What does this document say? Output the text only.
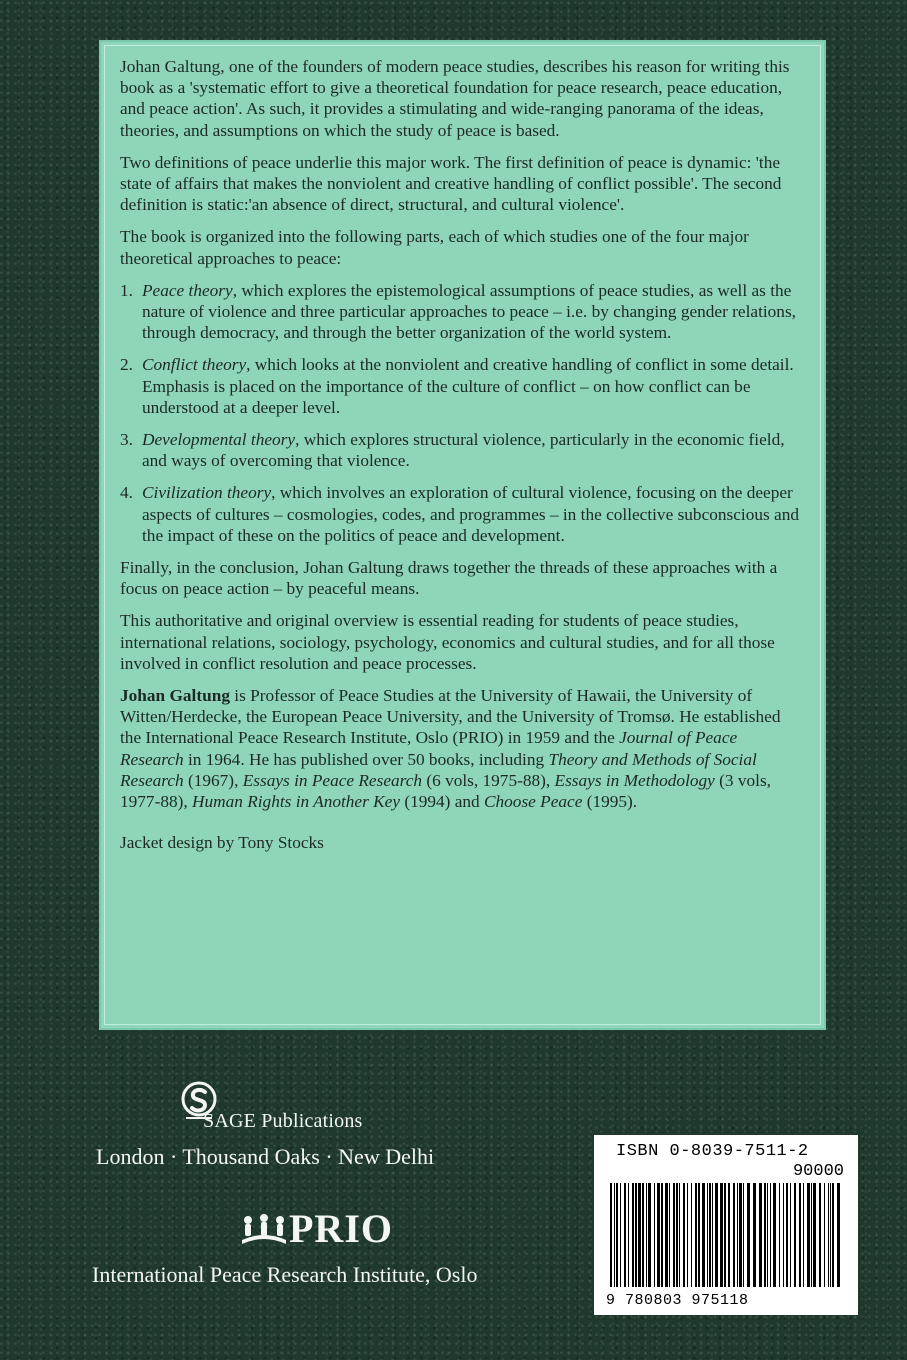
Johan Galtung, one of the founders of modern peace studies, describes his reason for writing this book as a 'systematic effort to give a theoretical foundation for peace research, peace education, and peace action'. As such, it provides a stimulating and wide-ranging panorama of the ideas, theories, and assumptions on which the study of peace is based.

Two definitions of peace underlie this major work. The first definition of peace is dynamic: 'the state of affairs that makes the nonviolent and creative handling of conflict possible'. The second definition is static:'an absence of direct, structural, and cultural violence'.

The book is organized into the following parts, each of which studies one of the four major theoretical approaches to peace:

1. Peace theory, which explores the epistemological assumptions of peace studies, as well as the nature of violence and three particular approaches to peace – i.e. by changing gender relations, through democracy, and through the better organization of the world system.
2. Conflict theory, which looks at the nonviolent and creative handling of conflict in some detail. Emphasis is placed on the importance of the culture of conflict – on how conflict can be understood at a deeper level.
3. Developmental theory, which explores structural violence, particularly in the economic field, and ways of overcoming that violence.
4. Civilization theory, which involves an exploration of cultural violence, focusing on the deeper aspects of cultures – cosmologies, codes, and programmes – in the collective subconscious and the impact of these on the politics of peace and development.

Finally, in the conclusion, Johan Galtung draws together the threads of these approaches with a focus on peace action – by peaceful means.

This authoritative and original overview is essential reading for students of peace studies, international relations, sociology, psychology, economics and cultural studies, and for all those involved in conflict resolution and peace processes.

Johan Galtung is Professor of Peace Studies at the University of Hawaii, the University of Witten/Herdecke, the European Peace University, and the University of Tromsø. He established the International Peace Research Institute, Oslo (PRIO) in 1959 and the Journal of Peace Research in 1964. He has published over 50 books, including Theory and Methods of Social Research (1967), Essays in Peace Research (6 vols, 1975-88), Essays in Methodology (3 vols, 1977-88), Human Rights in Another Key (1994) and Choose Peace (1995).

Jacket design by Tony Stocks

SAGE Publications
London · Thousand Oaks · New Delhi
PRIO
International Peace Research Institute, Oslo
ISBN 0-8039-7511-2
90000
9 780803 975118
